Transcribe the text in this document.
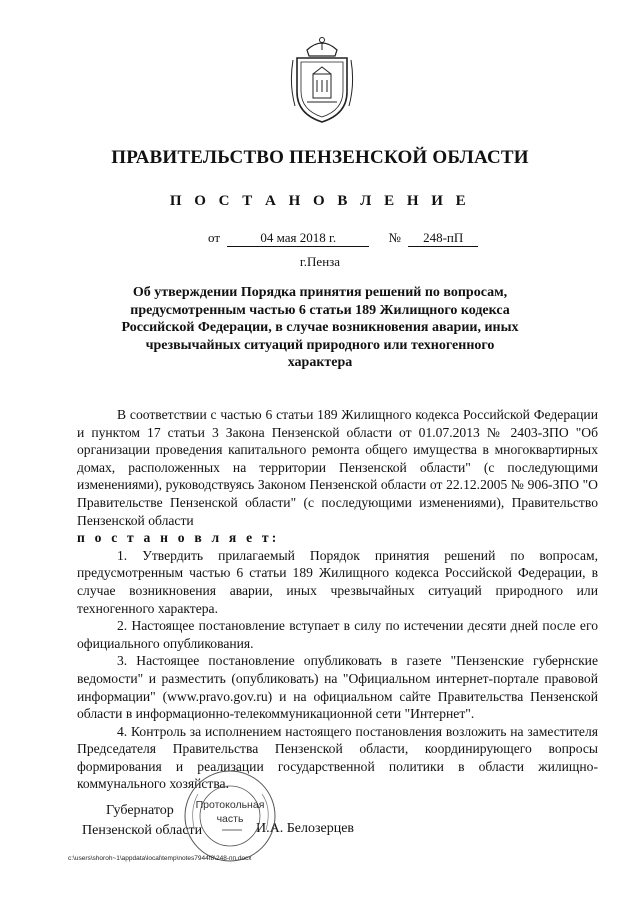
ПРАВИТЕЛЬСТВО ПЕНЗЕНСКОЙ ОБЛАСТИ
П О С Т А Н О В Л Е Н И Е
от	04 мая 2018 г.	№ 248-пП
г.Пенза
Об утверждении Порядка принятия решений по вопросам, предусмотренным частью 6 статьи 189 Жилищного кодекса Российской Федерации, в случае возникновения аварии, иных чрезвычайных ситуаций природного или техногенного характера

В соответствии с частью 6 статьи 189 Жилищного кодекса Российской Федерации и пунктом 17 статьи 3 Закона Пензенской области от 01.07.2013 № 2403-ЗПО "Об организации проведения капитального ремонта общего имущества в многоквартирных домах, расположенных на территории Пензенской области" (с последующими изменениями), руководствуясь Законом Пензенской области от 22.12.2005 № 906-ЗПО "О Правительстве Пензенской области" (с последующими изменениями), Правительство Пензенской области

п о с т а н о в л я е т:

1. Утвердить прилагаемый Порядок принятия решений по вопросам, предусмотренным частью 6 статьи 189 Жилищного кодекса Российской Федерации, в случае возникновения аварии, иных чрезвычайных ситуаций природного или техногенного характера.

2. Настоящее постановление вступает в силу по истечении десяти дней после его официального опубликования.

3. Настоящее постановление опубликовать в газете "Пензенские губернские ведомости" и разместить (опубликовать) на "Официальном интернет-портале правовой информации" (www.pravo.gov.ru) и на официальном сайте Правительства Пензенской области в информационно-телекоммуникационной сети "Интернет".

4. Контроль за исполнением настоящего постановления возложить на заместителя Председателя Правительства Пензенской области, координирующего вопросы формирования и реализации государственной политики в области жилищно-коммунального хозяйства.

Губернатор
Пензенской области	И.А. Белозерцев
Протокольная
часть
c:\users\shoroh~1\appdata\local\temp\notes7944f8\248-пп.docx
